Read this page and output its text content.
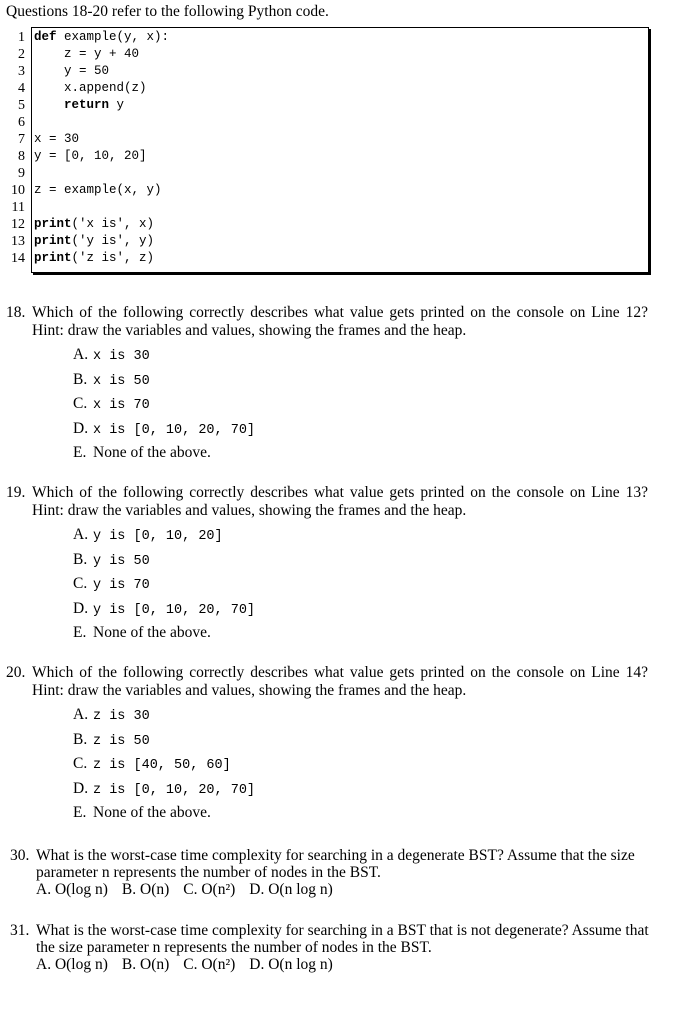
Questions 18-20 refer to the following Python code.
1 def example(y, x):
2 z = y + 40
3 y = 50
4 x.append(z)
5 return y
6
7 x = 30
8 y = [0, 10, 20]
9
10 z = example(x, y)
11
12 print('x is', x)
13 print('y is', y)
14 print('z is', z)
18. Which of the following correctly describes what value gets printed on the console on Line 12? Hint: draw the variables and values, showing the frames and the heap.
A. x is 30
B. x is 50
C. x is 70
D. x is [0, 10, 20, 70]
E. None of the above.
19. Which of the following correctly describes what value gets printed on the console on Line 13? Hint: draw the variables and values, showing the frames and the heap.
A. y is [0, 10, 20]
B. y is 50
C. y is 70
D. y is [0, 10, 20, 70]
E. None of the above.
20. Which of the following correctly describes what value gets printed on the console on Line 14? Hint: draw the variables and values, showing the frames and the heap.
A. z is 30
B. z is 50
C. z is [40, 50, 60]
D. z is [0, 10, 20, 70]
E. None of the above.
30. What is the worst-case time complexity for searching in a degenerate BST? Assume that the size parameter n represents the number of nodes in the BST.
A. O(log n) B. O(n) C. O(n²) D. O(n log n)
31. What is the worst-case time complexity for searching in a BST that is not degenerate? Assume that the size parameter n represents the number of nodes in the BST.
A. O(log n) B. O(n) C. O(n²) D. O(n log n)
